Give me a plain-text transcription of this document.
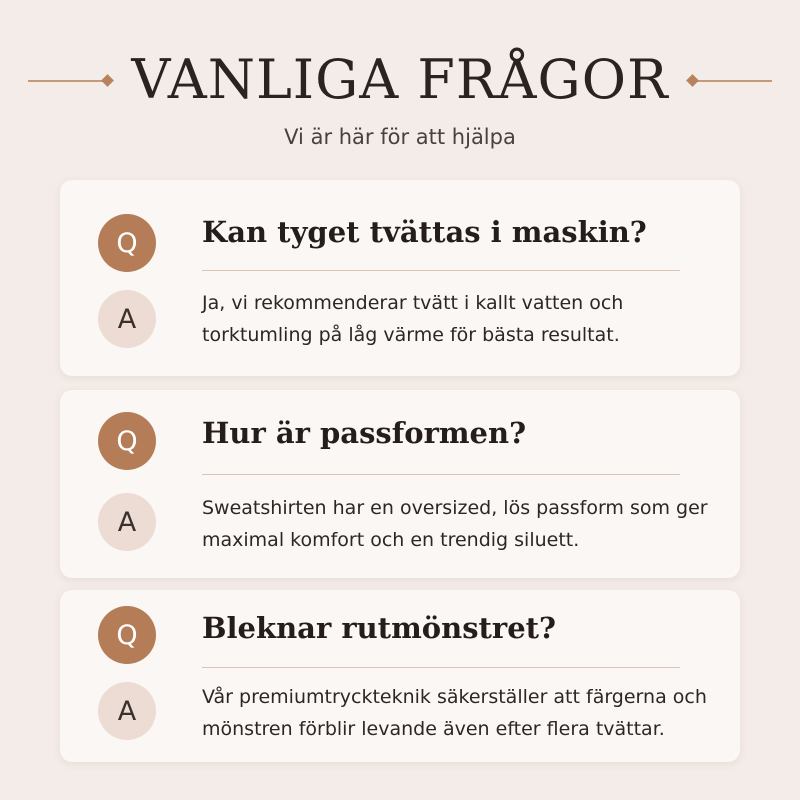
VANLIGA FRÅGOR
Vi är här för att hjälpa
Q	Kan tyget tvättas i maskin?
A
Ja, vi rekommenderar tvätt i kallt vatten och torktumling på låg värme för bästa resultat.
Q	Hur är passformen?
A	Sweatshirten har en oversized, lös passform som ger maximal komfort och en trendig siluett.
Q	Bleknar rutmönstret?
A	Vår premiumtryckteknik säkerställer att färgerna och mönstren förblir levande även efter flera tvättar.
